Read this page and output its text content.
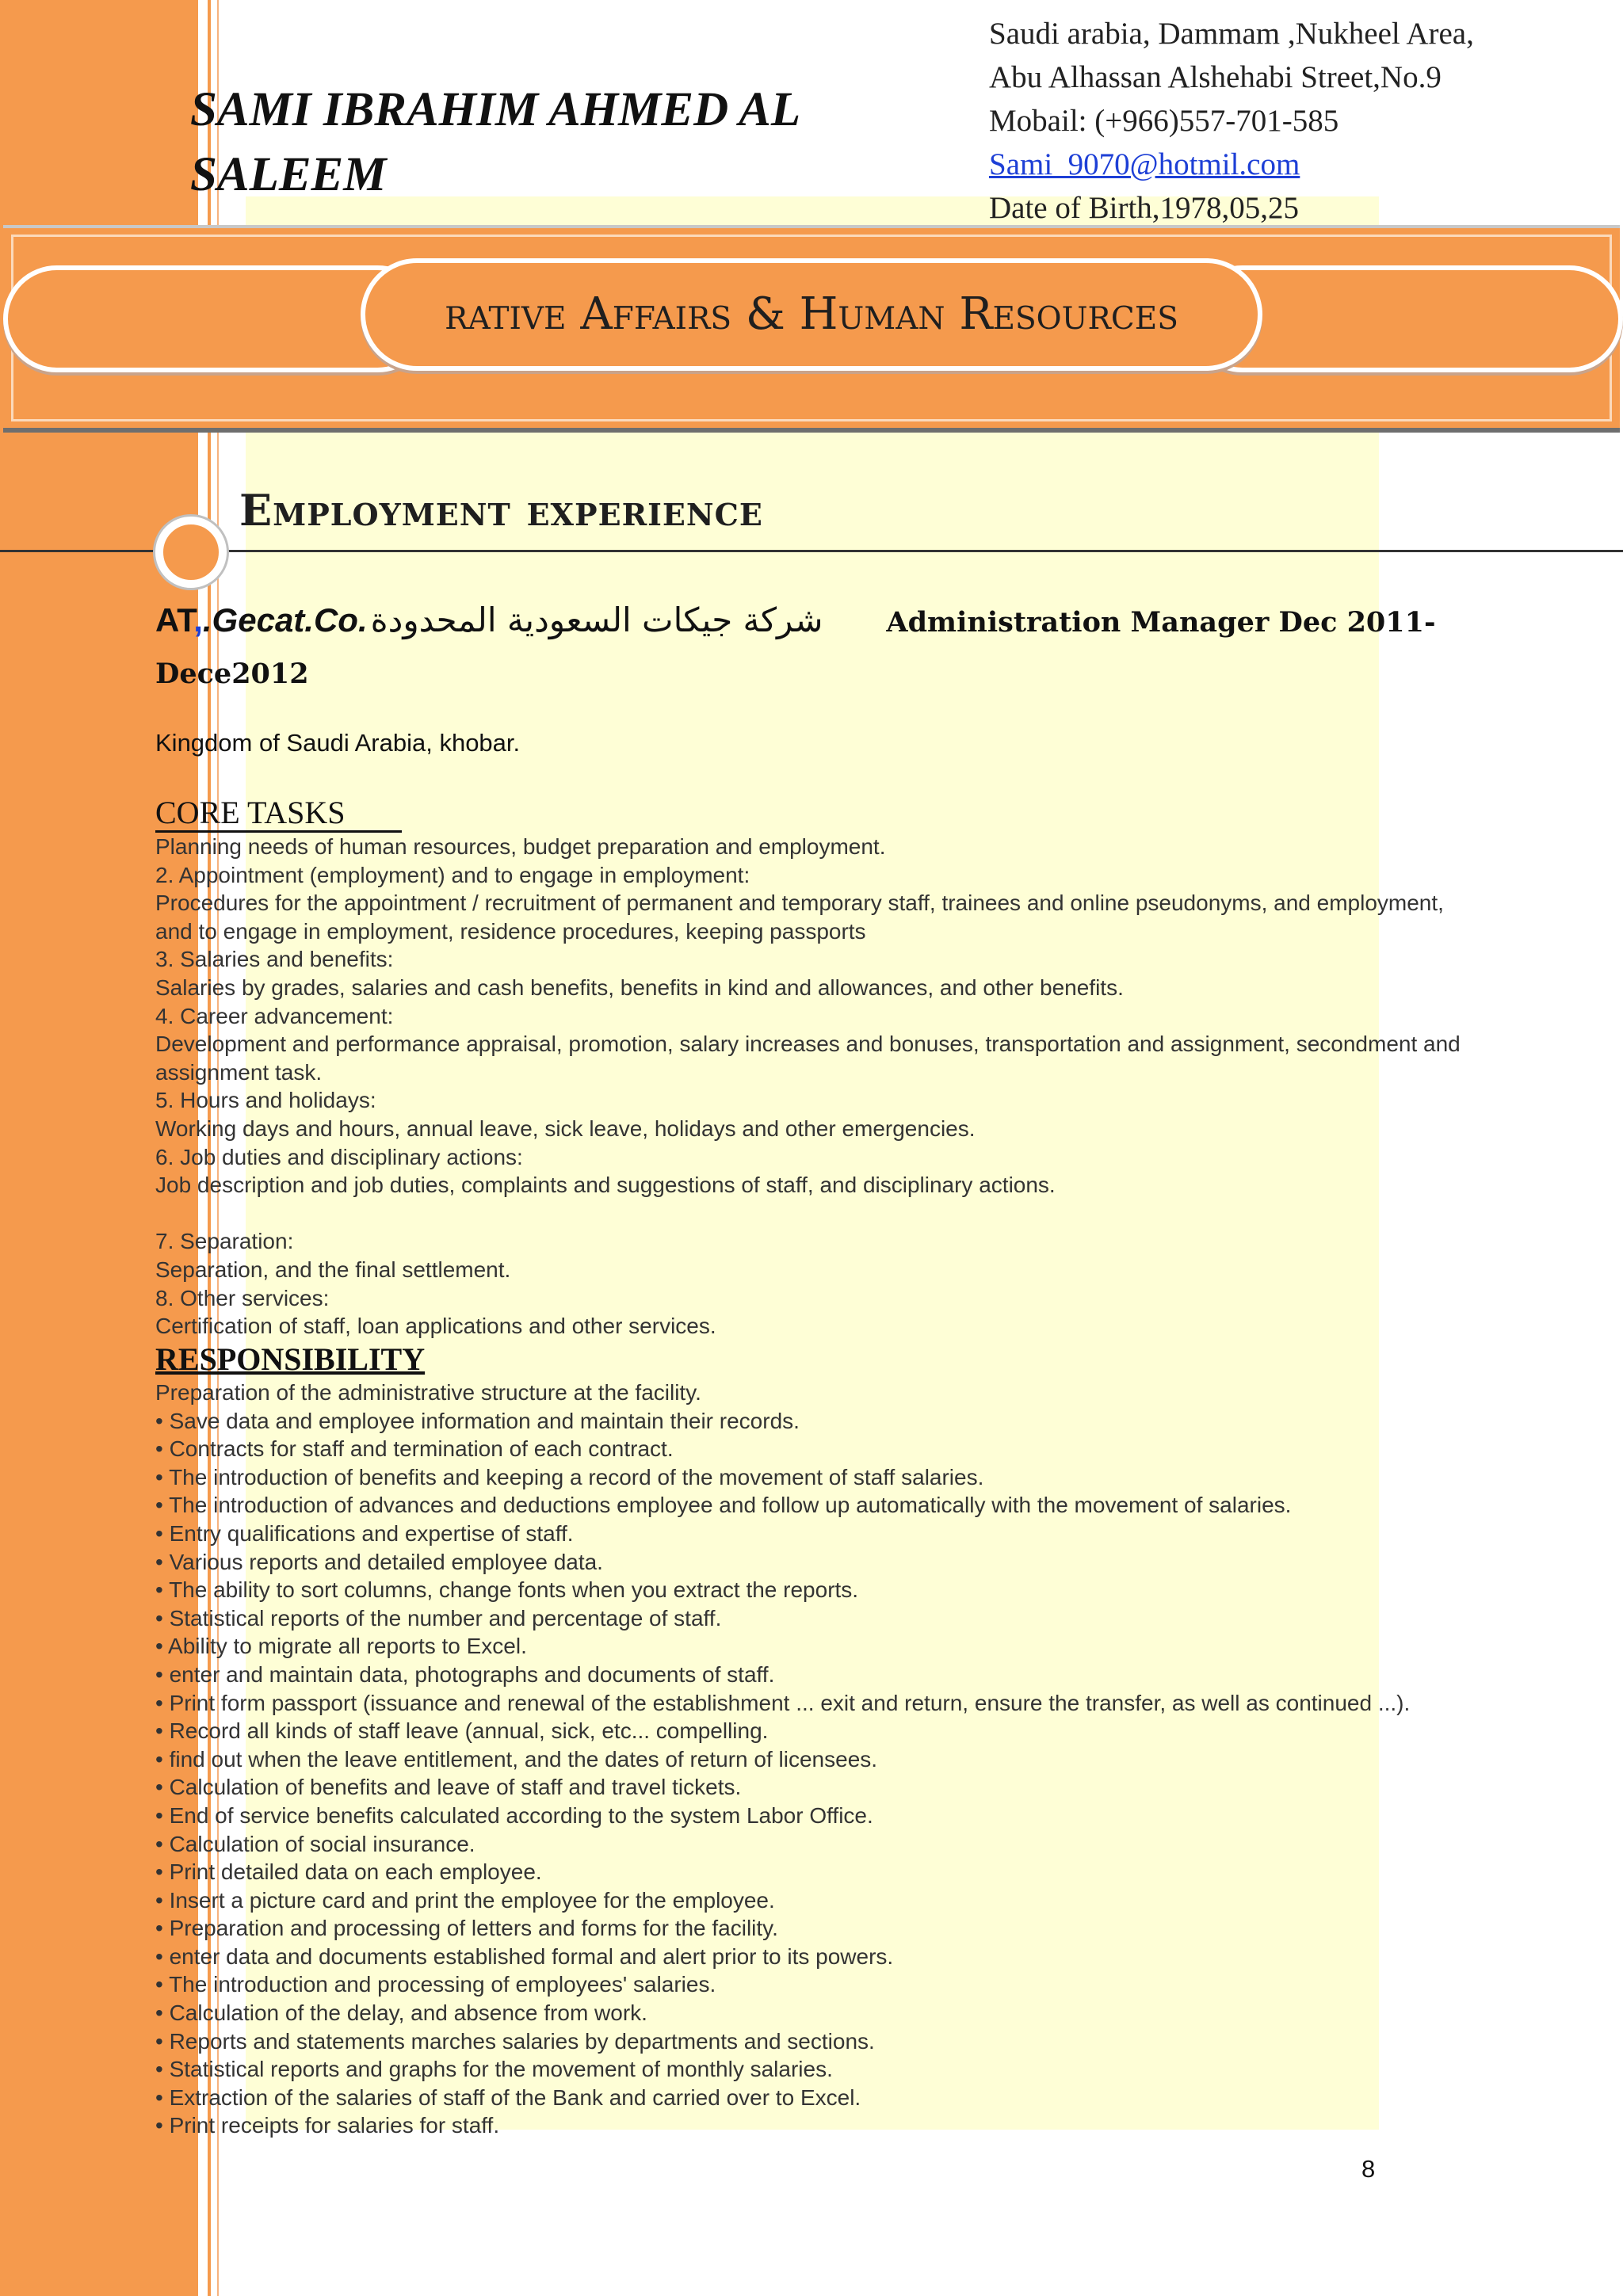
SAMI IBRAHIM AHMED AL SALEEM
Saudi arabia, Dammam ,Nukheel Area,
Abu Alhassan Alshehabi Street,No.9
Mobail: (+966)557-701-585
Sami_9070@hotmil.com
Date of Birth,1978,05,25
rative Affairs & Human Resources
Employment experience
AT,.Gecat.Co.شركة جيكات السعودية المحدودة Administration Manager Dec 2011-
Dece2012
Kingdom of Saudi Arabia, khobar.
CORE TASKS
Planning needs of human resources, budget preparation and employment.
2. Appointment (employment) and to engage in employment:
Procedures for the appointment / recruitment of permanent and temporary staff, trainees and online pseudonyms, and employment,
and to engage in employment, residence procedures, keeping passports
3. Salaries and benefits:
Salaries by grades, salaries and cash benefits, benefits in kind and allowances, and other benefits.
4. Career advancement:
Development and performance appraisal, promotion, salary increases and bonuses, transportation and assignment, secondment and
assignment task.
5. Hours and holidays:
Working days and hours, annual leave, sick leave, holidays and other emergencies.
6. Job duties and disciplinary actions:
Job description and job duties, complaints and suggestions of staff, and disciplinary actions.
7. Separation:
Separation, and the final settlement.
8. Other services:
Certification of staff, loan applications and other services.
RESPONSIBILITY
Preparation of the administrative structure at the facility.
• Save data and employee information and maintain their records.
• Contracts for staff and termination of each contract.
• The introduction of benefits and keeping a record of the movement of staff salaries.
• The introduction of advances and deductions employee and follow up automatically with the movement of salaries.
• Entry qualifications and expertise of staff.
• Various reports and detailed employee data.
• The ability to sort columns, change fonts when you extract the reports.
• Statistical reports of the number and percentage of staff.
• Ability to migrate all reports to Excel.
• enter and maintain data, photographs and documents of staff.
• Print form passport (issuance and renewal of the establishment ... exit and return, ensure the transfer, as well as continued ...).
• Record all kinds of staff leave (annual, sick, etc... compelling.
• find out when the leave entitlement, and the dates of return of licensees.
• Calculation of benefits and leave of staff and travel tickets.
• End of service benefits calculated according to the system Labor Office.
• Calculation of social insurance.
• Print detailed data on each employee.
• Insert a picture card and print the employee for the employee.
• Preparation and processing of letters and forms for the facility.
• enter data and documents established formal and alert prior to its powers.
• The introduction and processing of employees' salaries.
• Calculation of the delay, and absence from work.
• Reports and statements marches salaries by departments and sections.
• Statistical reports and graphs for the movement of monthly salaries.
• Extraction of the salaries of staff of the Bank and carried over to Excel.
• Print receipts for salaries for staff.
8
